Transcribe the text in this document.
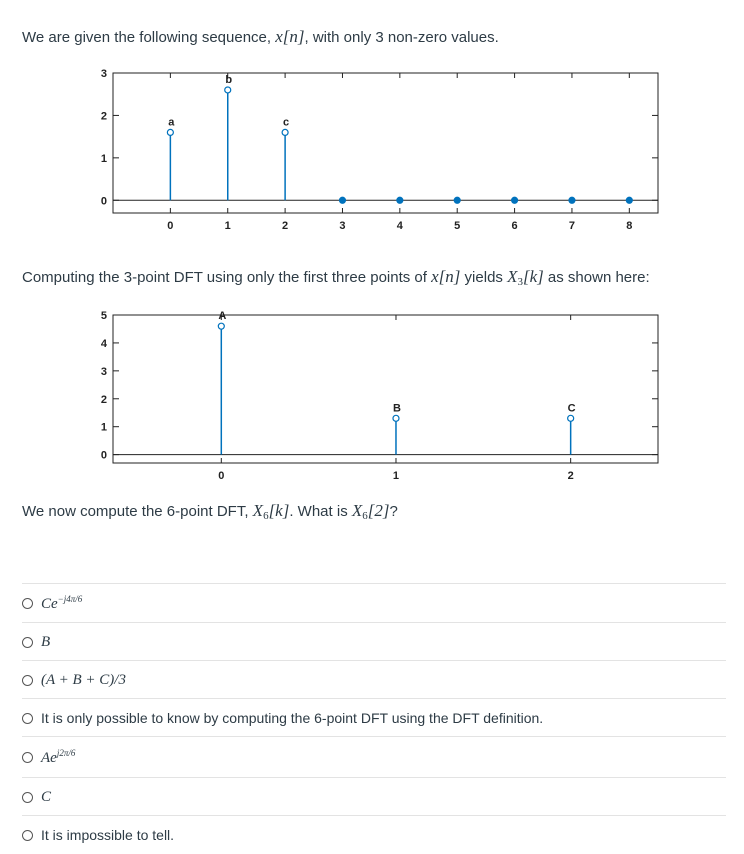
We are given the following sequence, x[n], with only 3 non-zero values.
0
1
2
3
0	1	2	3	4	5	6	7	8
a
b
c
Computing the 3-point DFT using only the first three points of x[n] yields $X_3[k]$ as shown here:
0
1
2
3
4
5
0	1	2
A
B	C
We now compute the 6-point DFT, $X_6[k]$. What is $X_6[2]$?
$Ce^{-j4\pi/6}$
B
(A + B + C)/3
It is only possible to know by computing the 6-point DFT using the DFT definition.
$Ae^{j2\pi/6}$
C
It is impossible to tell.
